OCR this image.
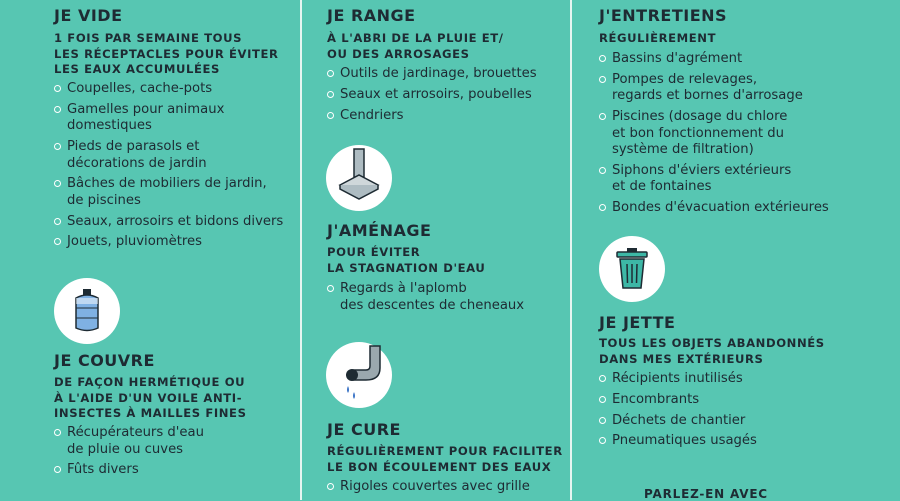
JE VIDE
1 FOIS PAR SEMAINE TOUS
LES RÉCEPTACLES POUR ÉVITER
LES EAUX ACCUMULÉES
Coupelles, cache-pots
Gamelles pour animaux
domestiques
Pieds de parasols et
décorations de jardin
Bâches de mobiliers de jardin,
de piscines
Seaux, arrosoirs et bidons divers
Jouets, pluviomètres
JE COUVRE
DE FAÇON HERMÉTIQUE OU
À L'AIDE D'UN VOILE ANTI-
INSECTES À MAILLES FINES
Récupérateurs d'eau
de pluie ou cuves
Fûts divers
JE RANGE
À L'ABRI DE LA PLUIE ET/
OU DES ARROSAGES
Outils de jardinage, brouettes
Seaux et arrosoirs, poubelles
Cendriers
J'AMÉNAGE
POUR ÉVITER
LA STAGNATION D'EAU
Regards à l'aplomb
des descentes de cheneaux
JE CURE
RÉGULIÈREMENT POUR FACILITER
LE BON ÉCOULEMENT DES EAUX
Rigoles couvertes avec grille
J'ENTRETIENS
RÉGULIÈREMENT
Bassins d'agrément
Pompes de relevages,
regards et bornes d'arrosage
Piscines (dosage du chlore
et bon fonctionnement du
système de filtration)
Siphons d'éviers extérieurs
et de fontaines
Bondes d'évacuation extérieures
JE JETTE
TOUS LES OBJETS ABANDONNÉS
DANS MES EXTÉRIEURS
Récipients inutilisés
Encombrants
Déchets de chantier
Pneumatiques usagés
PARLEZ-EN AVEC
